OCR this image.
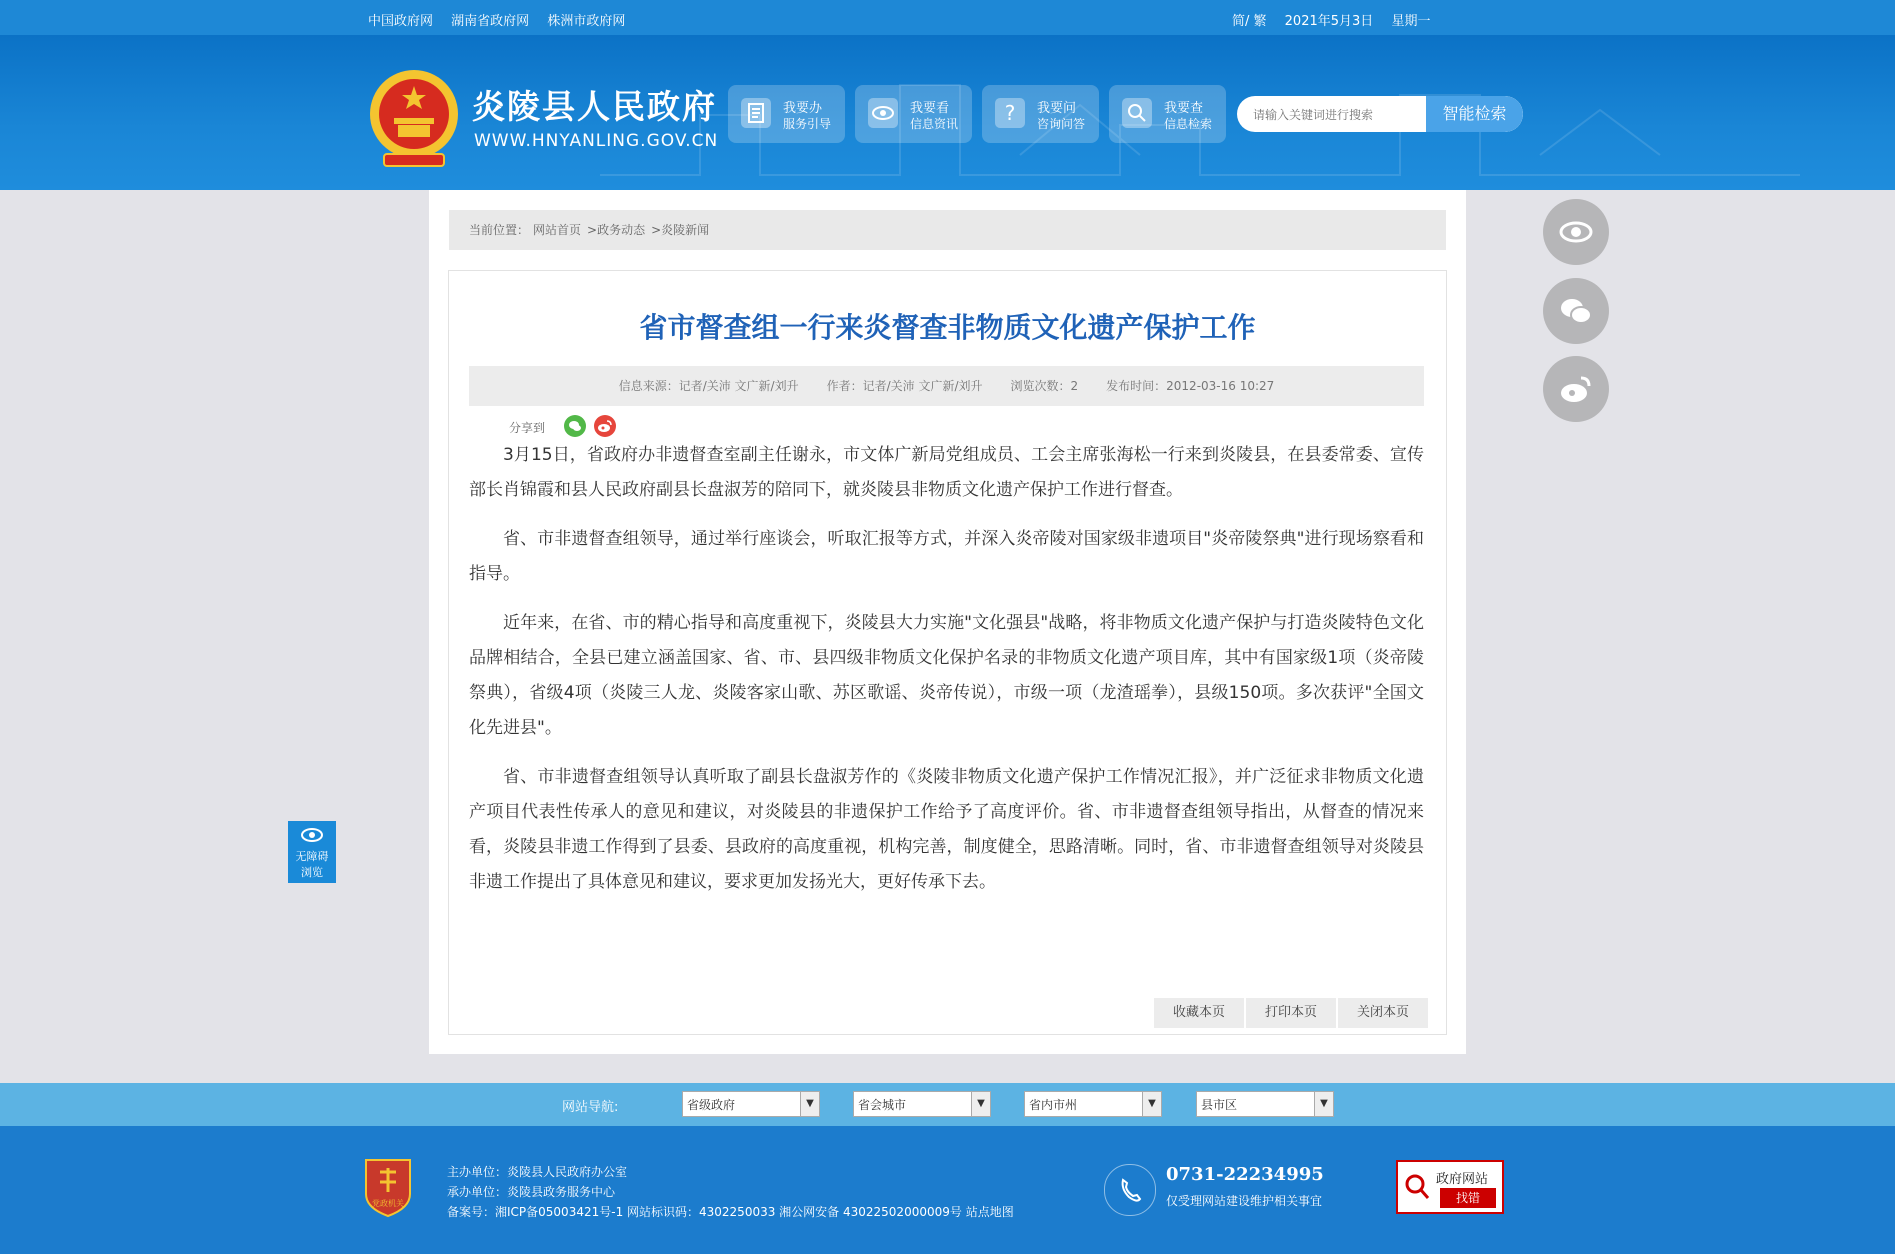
中国政府网 湖南省政府网 株洲市政府网	简/ 繁 2021年5月3日 星期一
炎陵县人民政府
WWW.HNYANLING.GOV.CN
我要办
服务引导
我要看
信息资讯 ? 我要问
咨询问答
我要查
信息检索
请输入关键词进行搜索
智能检索
无障碍
浏览
当前位置： 网站首页 >政务动态 >炎陵新闻
省市督查组一行来炎督查非物质文化遗产保护工作
信息来源：记者/关沛 文广新/刘升 作者：记者/关沛 文广新/刘升 浏览次数：2 发布时间：2012-03-16 10:27
分享到

3月15日，省政府办非遗督查室副主任谢永，市文体广新局党组成员、工会主席张海松一行来到炎陵县，在县委常委、宣传部长肖锦霞和县人民政府副县长盘淑芳的陪同下，就炎陵县非物质文化遗产保护工作进行督查。

省、市非遗督查组领导，通过举行座谈会，听取汇报等方式，并深入炎帝陵对国家级非遗项目"炎帝陵祭典"进行现场察看和指导。

近年来，在省、市的精心指导和高度重视下，炎陵县大力实施"文化强县"战略，将非物质文化遗产保护与打造炎陵特色文化品牌相结合，全县已建立涵盖国家、省、市、县四级非物质文化保护名录的非物质文化遗产项目库，其中有国家级1项（炎帝陵祭典），省级4项（炎陵三人龙、炎陵客家山歌、苏区歌谣、炎帝传说），市级一项（龙渣瑶拳），县级150项。多次获评"全国文化先进县"。

省、市非遗督查组领导认真听取了副县长盘淑芳作的《炎陵非物质文化遗产保护工作情况汇报》，并广泛征求非物质文化遗产项目代表性传承人的意见和建议，对炎陵县的非遗保护工作给予了高度评价。省、市非遗督查组领导指出，从督查的情况来看，炎陵县非遗工作得到了县委、县政府的高度重视，机构完善，制度健全，思路清晰。同时，省、市非遗督查组领导对炎陵县非遗工作提出了具体意见和建议，要求更加发扬光大，更好传承下去。

收藏本页	打印本页	关闭本页
网站导航:	省级政府	▼	省会城市	▼	省内市州	▼	县市区	▼
党政机关
主办单位：炎陵县人民政府办公室
承办单位：炎陵县政务服务中心
备案号：湘ICP备05003421号-1 网站标识码：4302250033 湘公网安备 43022502000009号 站点地图
0731-22234995
仅受理网站建设维护相关事宜
政府网站
找错
